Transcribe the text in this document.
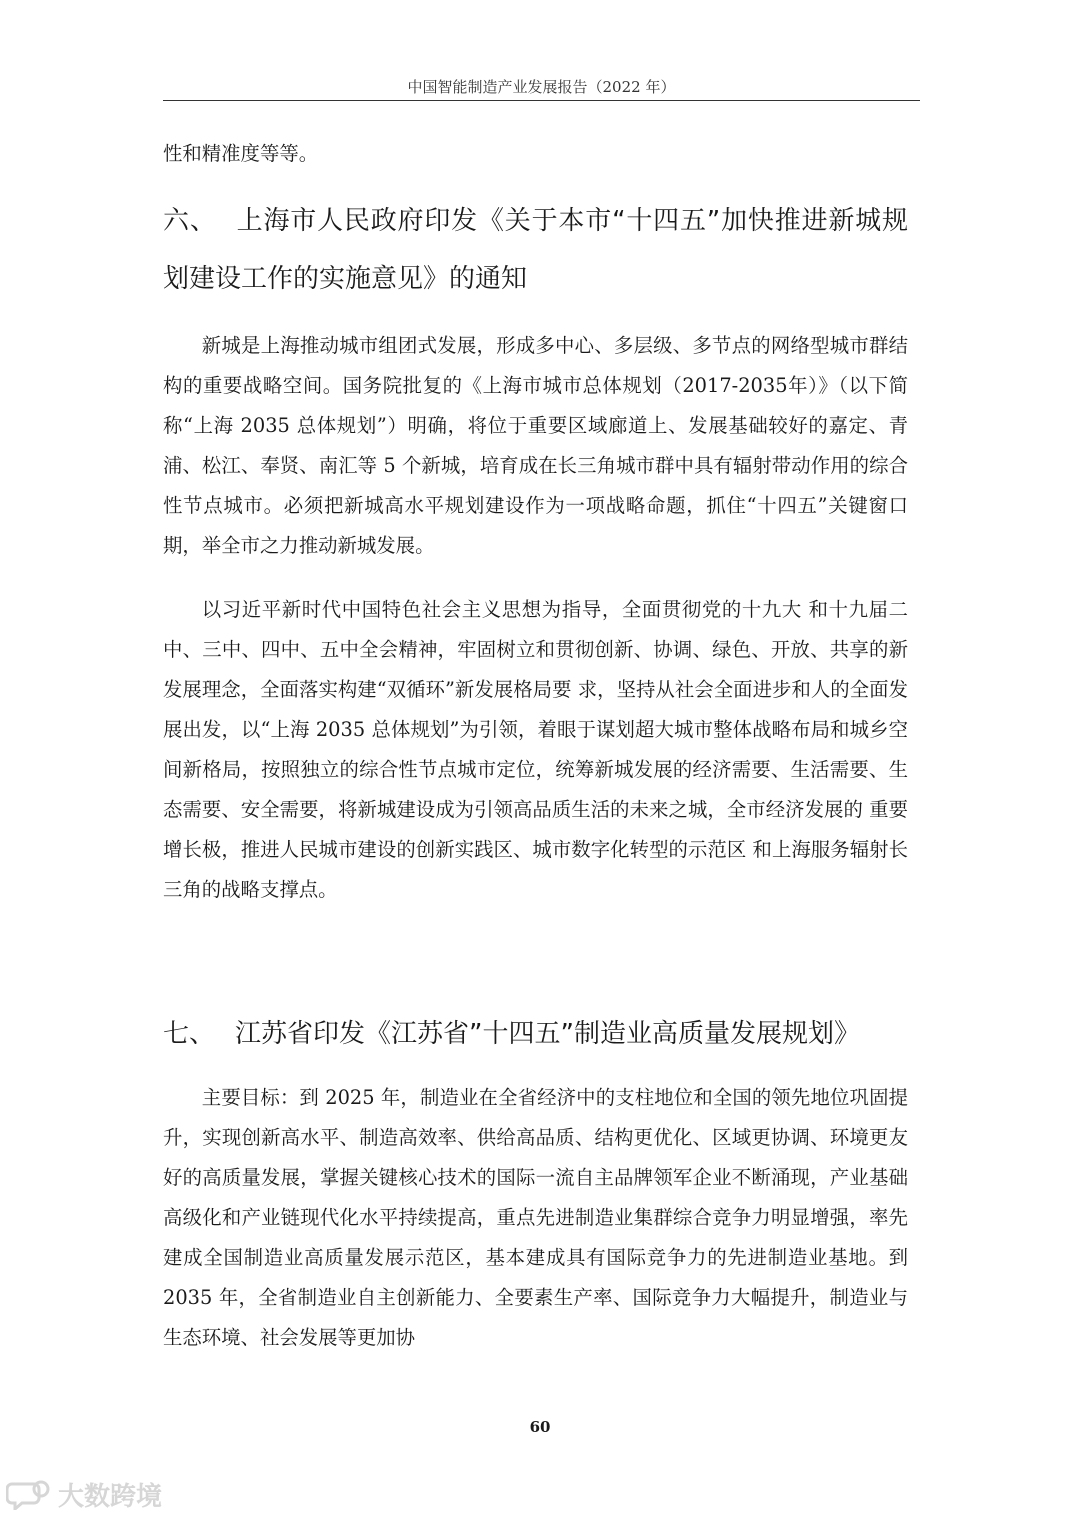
中国智能制造产业发展报告（2022 年）
性和精准度等等。
六、 上海市人民政府印发《关于本市“十四五”加快推进新城规划建设工作的实施意见》的通知
新城是上海推动城市组团式发展，形成多中心、多层级、多节点的网络型城市群结构的重要战略空间。国务院批复的《上海市城市总体规划（2017-2035年）》（以下简称“上海 2035 总体规划”）明确，将位于重要区域廊道上、发展基础较好的嘉定、青浦、松江、奉贤、南汇等 5 个新城，培育成在长三角城市群中具有辐射带动作用的综合性节点城市。必须把新城高水平规划建设作为一项战略命题，抓住“十四五”关键窗口期，举全市之力推动新城发展。
以习近平新时代中国特色社会主义思想为指导，全面贯彻党的十九大 和十九届二中、三中、四中、五中全会精神，牢固树立和贯彻创新、协调、绿色、开放、共享的新发展理念，全面落实构建“双循环”新发展格局要 求，坚持从社会全面进步和人的全面发展出发，以“上海 2035 总体规划”为引领，着眼于谋划超大城市整体战略布局和城乡空间新格局，按照独立的综合性节点城市定位，统筹新城发展的经济需要、生活需要、生态需要、安全需要，将新城建设成为引领高品质生活的未来之城，全市经济发展的 重要增长极，推进人民城市建设的创新实践区、城市数字化转型的示范区 和上海服务辐射长三角的战略支撑点。
七、 江苏省印发《江苏省”十四五”制造业高质量发展规划》
主要目标：到 2025 年，制造业在全省经济中的支柱地位和全国的领先地位巩固提升，实现创新高水平、制造高效率、供给高品质、结构更优化、区域更协调、环境更友好的高质量发展，掌握关键核心技术的国际一流自主品牌领军企业不断涌现，产业基础高级化和产业链现代化水平持续提高，重点先进制造业集群综合竞争力明显增强，率先建成全国制造业高质量发展示范区，基本建成具有国际竞争力的先进制造业基地。到 2035 年，全省制造业自主创新能力、全要素生产率、国际竞争力大幅提升，制造业与生态环境、社会发展等更加协
60
大数跨境
